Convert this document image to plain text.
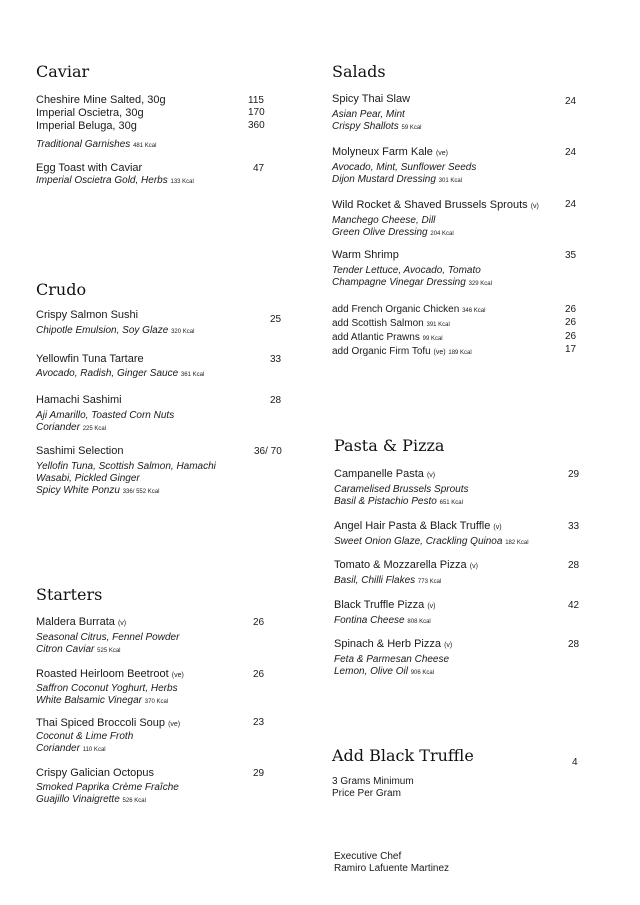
Caviar
Cheshire Mine Salted, 30g	115
Imperial Oscietra, 30g	170
Imperial Beluga, 30g	360
Traditional Garnishes 481 Kcal
Egg Toast with Caviar	47
Imperial Oscietra Gold, Herbs 133 Kcal
Crudo
Crispy Salmon Sushi	25
Chipotle Emulsion, Soy Glaze 320 Kcal
Yellowfin Tuna Tartare	33
Avocado, Radish, Ginger Sauce 361 Kcal
Hamachi Sashimi	28
Aji Amarillo, Toasted Corn Nuts
Coriander 225 Kcal
Sashimi Selection	36/ 70
Yellofin Tuna, Scottish Salmon, Hamachi
Wasabi, Pickled Ginger
Spicy White Ponzu 336/ 552 Kcal
Starters
Maldera Burrata (v)	26
Seasonal Citrus, Fennel Powder
Citron Caviar 525 Kcal
Roasted Heirloom Beetroot (ve)	26
Saffron Coconut Yoghurt, Herbs
White Balsamic Vinegar 370 Kcal
Thai Spiced Broccoli Soup (ve)	23
Coconut & Lime Froth
Coriander 110 Kcal
Crispy Galician Octopus	29
Smoked Paprika Crème Fraîche
Guajillo Vinaigrette 526 Kcal
Salads
Spicy Thai Slaw	24
Asian Pear, Mint
Crispy Shallots 59 Kcal
Molyneux Farm Kale (ve)	24
Avocado, Mint, Sunflower Seeds
Dijon Mustard Dressing 301 Kcal
Wild Rocket & Shaved Brussels Sprouts (v)	24
Manchego Cheese, Dill
Green Olive Dressing 204 Kcal
Warm Shrimp	35
Tender Lettuce, Avocado, Tomato
Champagne Vinegar Dressing 329 Kcal
add French Organic Chicken 346 Kcal	26
add Scottish Salmon 391 Kcal	26
add Atlantic Prawns 99 Kcal	26
add Organic Firm Tofu (ve) 189 Kcal	17
Pasta & Pizza
Campanelle Pasta (v)	29
Caramelised Brussels Sprouts
Basil & Pistachio Pesto 651 Kcal
Angel Hair Pasta & Black Truffle (v)	33
Sweet Onion Glaze, Crackling Quinoa 182 Kcal
Tomato & Mozzarella Pizza (v)	28
Basil, Chilli Flakes 773 Kcal
Black Truffle Pizza (v)	42
Fontina Cheese 808 Kcal
Spinach & Herb Pizza (v)	28
Feta & Parmesan Cheese
Lemon, Olive Oil 906 Kcal
Add Black Truffle	4
3 Grams Minimum
Price Per Gram
Executive Chef
Ramiro Lafuente Martinez
